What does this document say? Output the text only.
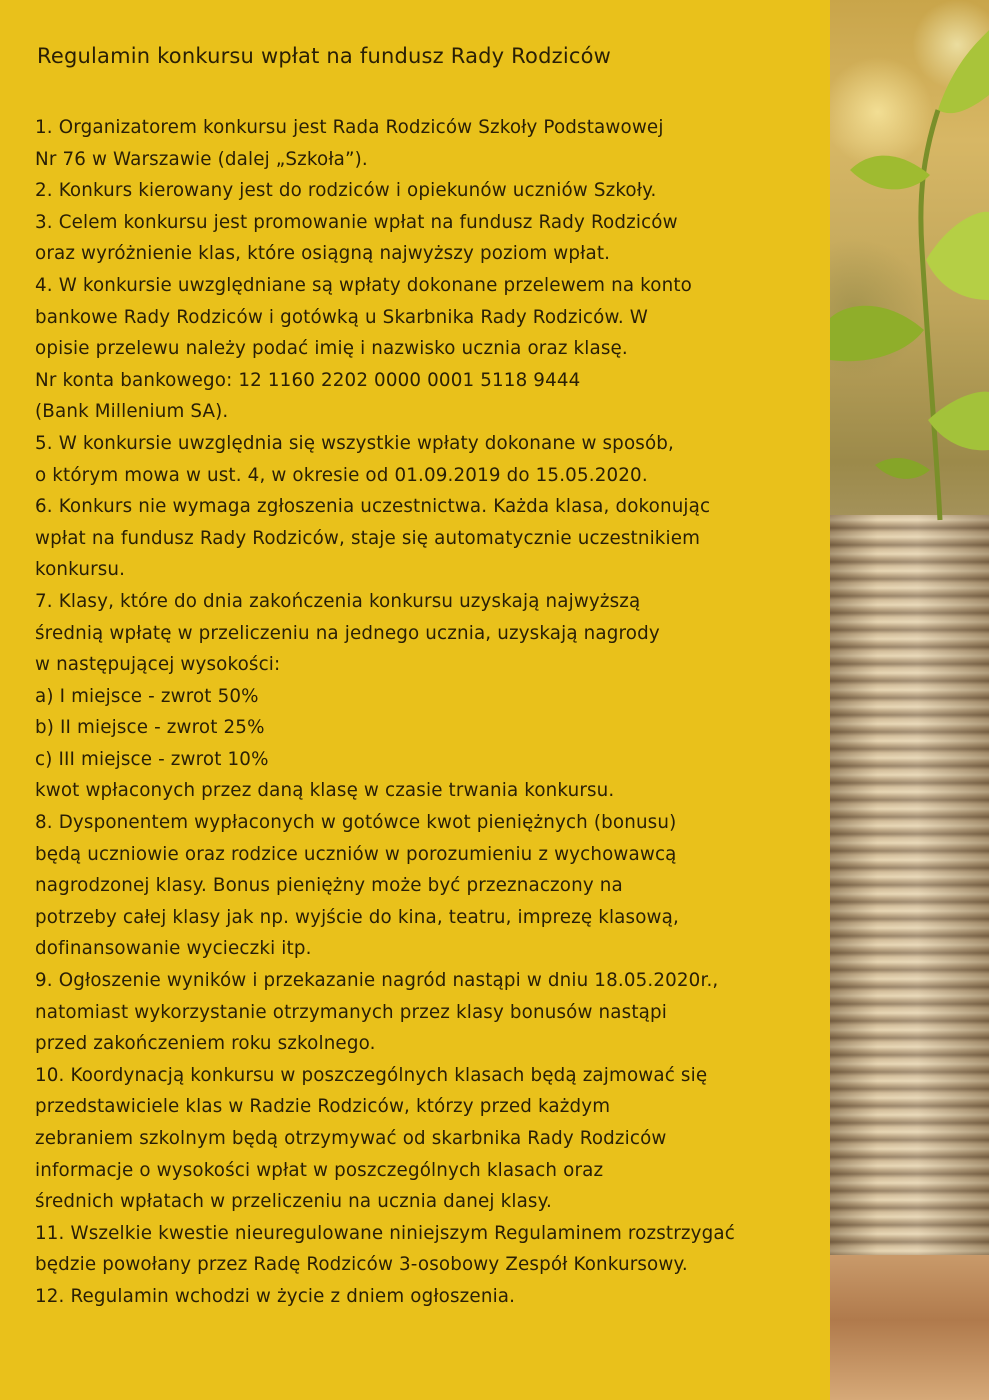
Regulamin konkursu wpłat na fundusz Rady Rodziców
1. Organizatorem konkursu jest Rada Rodziców Szkoły Podstawowej
Nr 76 w Warszawie (dalej „Szkoła”).
2. Konkurs kierowany jest do rodziców i opiekunów uczniów Szkoły.
3. Celem konkursu jest promowanie wpłat na fundusz Rady Rodziców
oraz wyróżnienie klas, które osiągną najwyższy poziom wpłat.
4. W konkursie uwzględniane są wpłaty dokonane przelewem na konto
bankowe Rady Rodziców i gotówką u Skarbnika Rady Rodziców. W
opisie przelewu należy podać imię i nazwisko ucznia oraz klasę.
Nr konta bankowego: 12 1160 2202 0000 0001 5118 9444
(Bank Millenium SA).
5. W konkursie uwzględnia się wszystkie wpłaty dokonane w sposób,
o którym mowa w ust. 4, w okresie od 01.09.2019 do 15.05.2020.
6. Konkurs nie wymaga zgłoszenia uczestnictwa. Każda klasa, dokonując
wpłat na fundusz Rady Rodziców, staje się automatycznie uczestnikiem
konkursu.
7. Klasy, które do dnia zakończenia konkursu uzyskają najwyższą
średnią wpłatę w przeliczeniu na jednego ucznia, uzyskają nagrody
w następującej wysokości:
a) I miejsce - zwrot 50%
b) II miejsce - zwrot 25%
c) III miejsce - zwrot 10%
kwot wpłaconych przez daną klasę w czasie trwania konkursu.
8. Dysponentem wypłaconych w gotówce kwot pieniężnych (bonusu)
będą uczniowie oraz rodzice uczniów w porozumieniu z wychowawcą
nagrodzonej klasy. Bonus pieniężny może być przeznaczony na
potrzeby całej klasy jak np. wyjście do kina, teatru, imprezę klasową,
dofinansowanie wycieczki itp.
9. Ogłoszenie wyników i przekazanie nagród nastąpi w dniu 18.05.2020r.,
natomiast wykorzystanie otrzymanych przez klasy bonusów nastąpi
przed zakończeniem roku szkolnego.
10. Koordynacją konkursu w poszczególnych klasach będą zajmować się
przedstawiciele klas w Radzie Rodziców, którzy przed każdym
zebraniem szkolnym będą otrzymywać od skarbnika Rady Rodziców
informacje o wysokości wpłat w poszczególnych klasach oraz
średnich wpłatach w przeliczeniu na ucznia danej klasy.
11. Wszelkie kwestie nieuregulowane niniejszym Regulaminem rozstrzygać
będzie powołany przez Radę Rodziców 3-osobowy Zespół Konkursowy.
12. Regulamin wchodzi w życie z dniem ogłoszenia.
